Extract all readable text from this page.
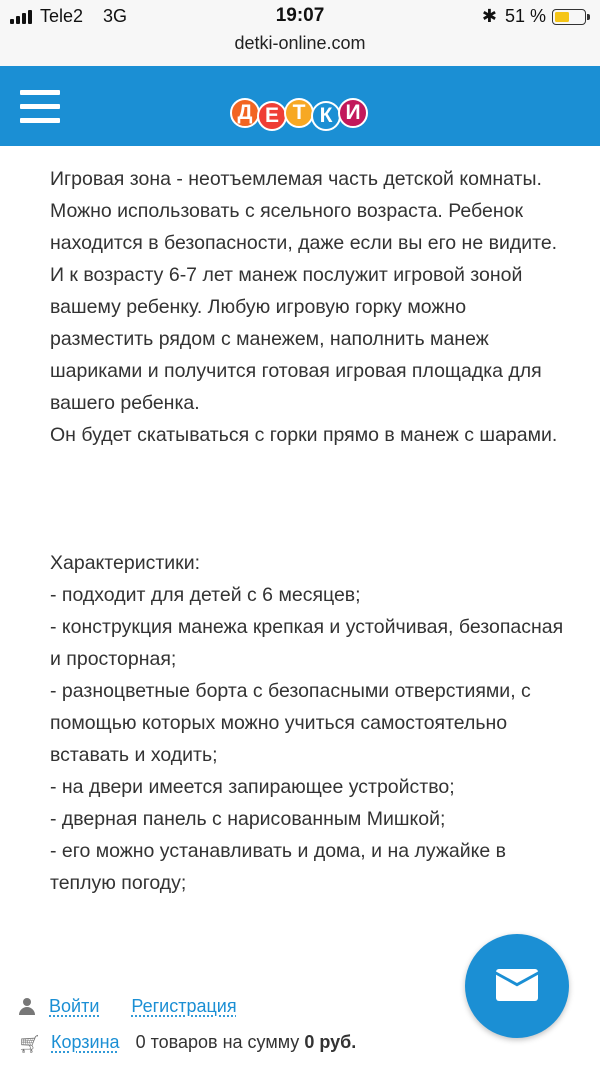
Tele2 3G	19:07	✱ 51 %
detki-online.com
Д Е Т К И

Игровая зона - неотъемлемая часть детской комнаты. Можно использовать с ясельного возраста. Ребенок находится в безопасности, даже если вы его не видите.

И к возрасту 6-7 лет манеж послужит игровой зоной вашему ребенку. Любую игровую горку можно разместить рядом с манежем, наполнить манеж шариками и получится готовая игровая площадка для вашего ребенка.

Он будет скатываться с горки прямо в манеж с шарами.

Характеристики:

- подходит для детей с 6 месяцев;

- конструкция манежа крепкая и устойчивая, безопасная и просторная;

- разноцветные борта с безопасными отверстиями, с помощью которых можно учиться самостоятельно вставать и ходить;

- на двери имеется запирающее устройство;

- дверная панель с нарисованным Мишкой;

- его можно устанавливать и дома, и на лужайке в теплую погоду;

Войти Регистрация
🛒︎ Корзина 0 товаров на сумму 0 руб.
